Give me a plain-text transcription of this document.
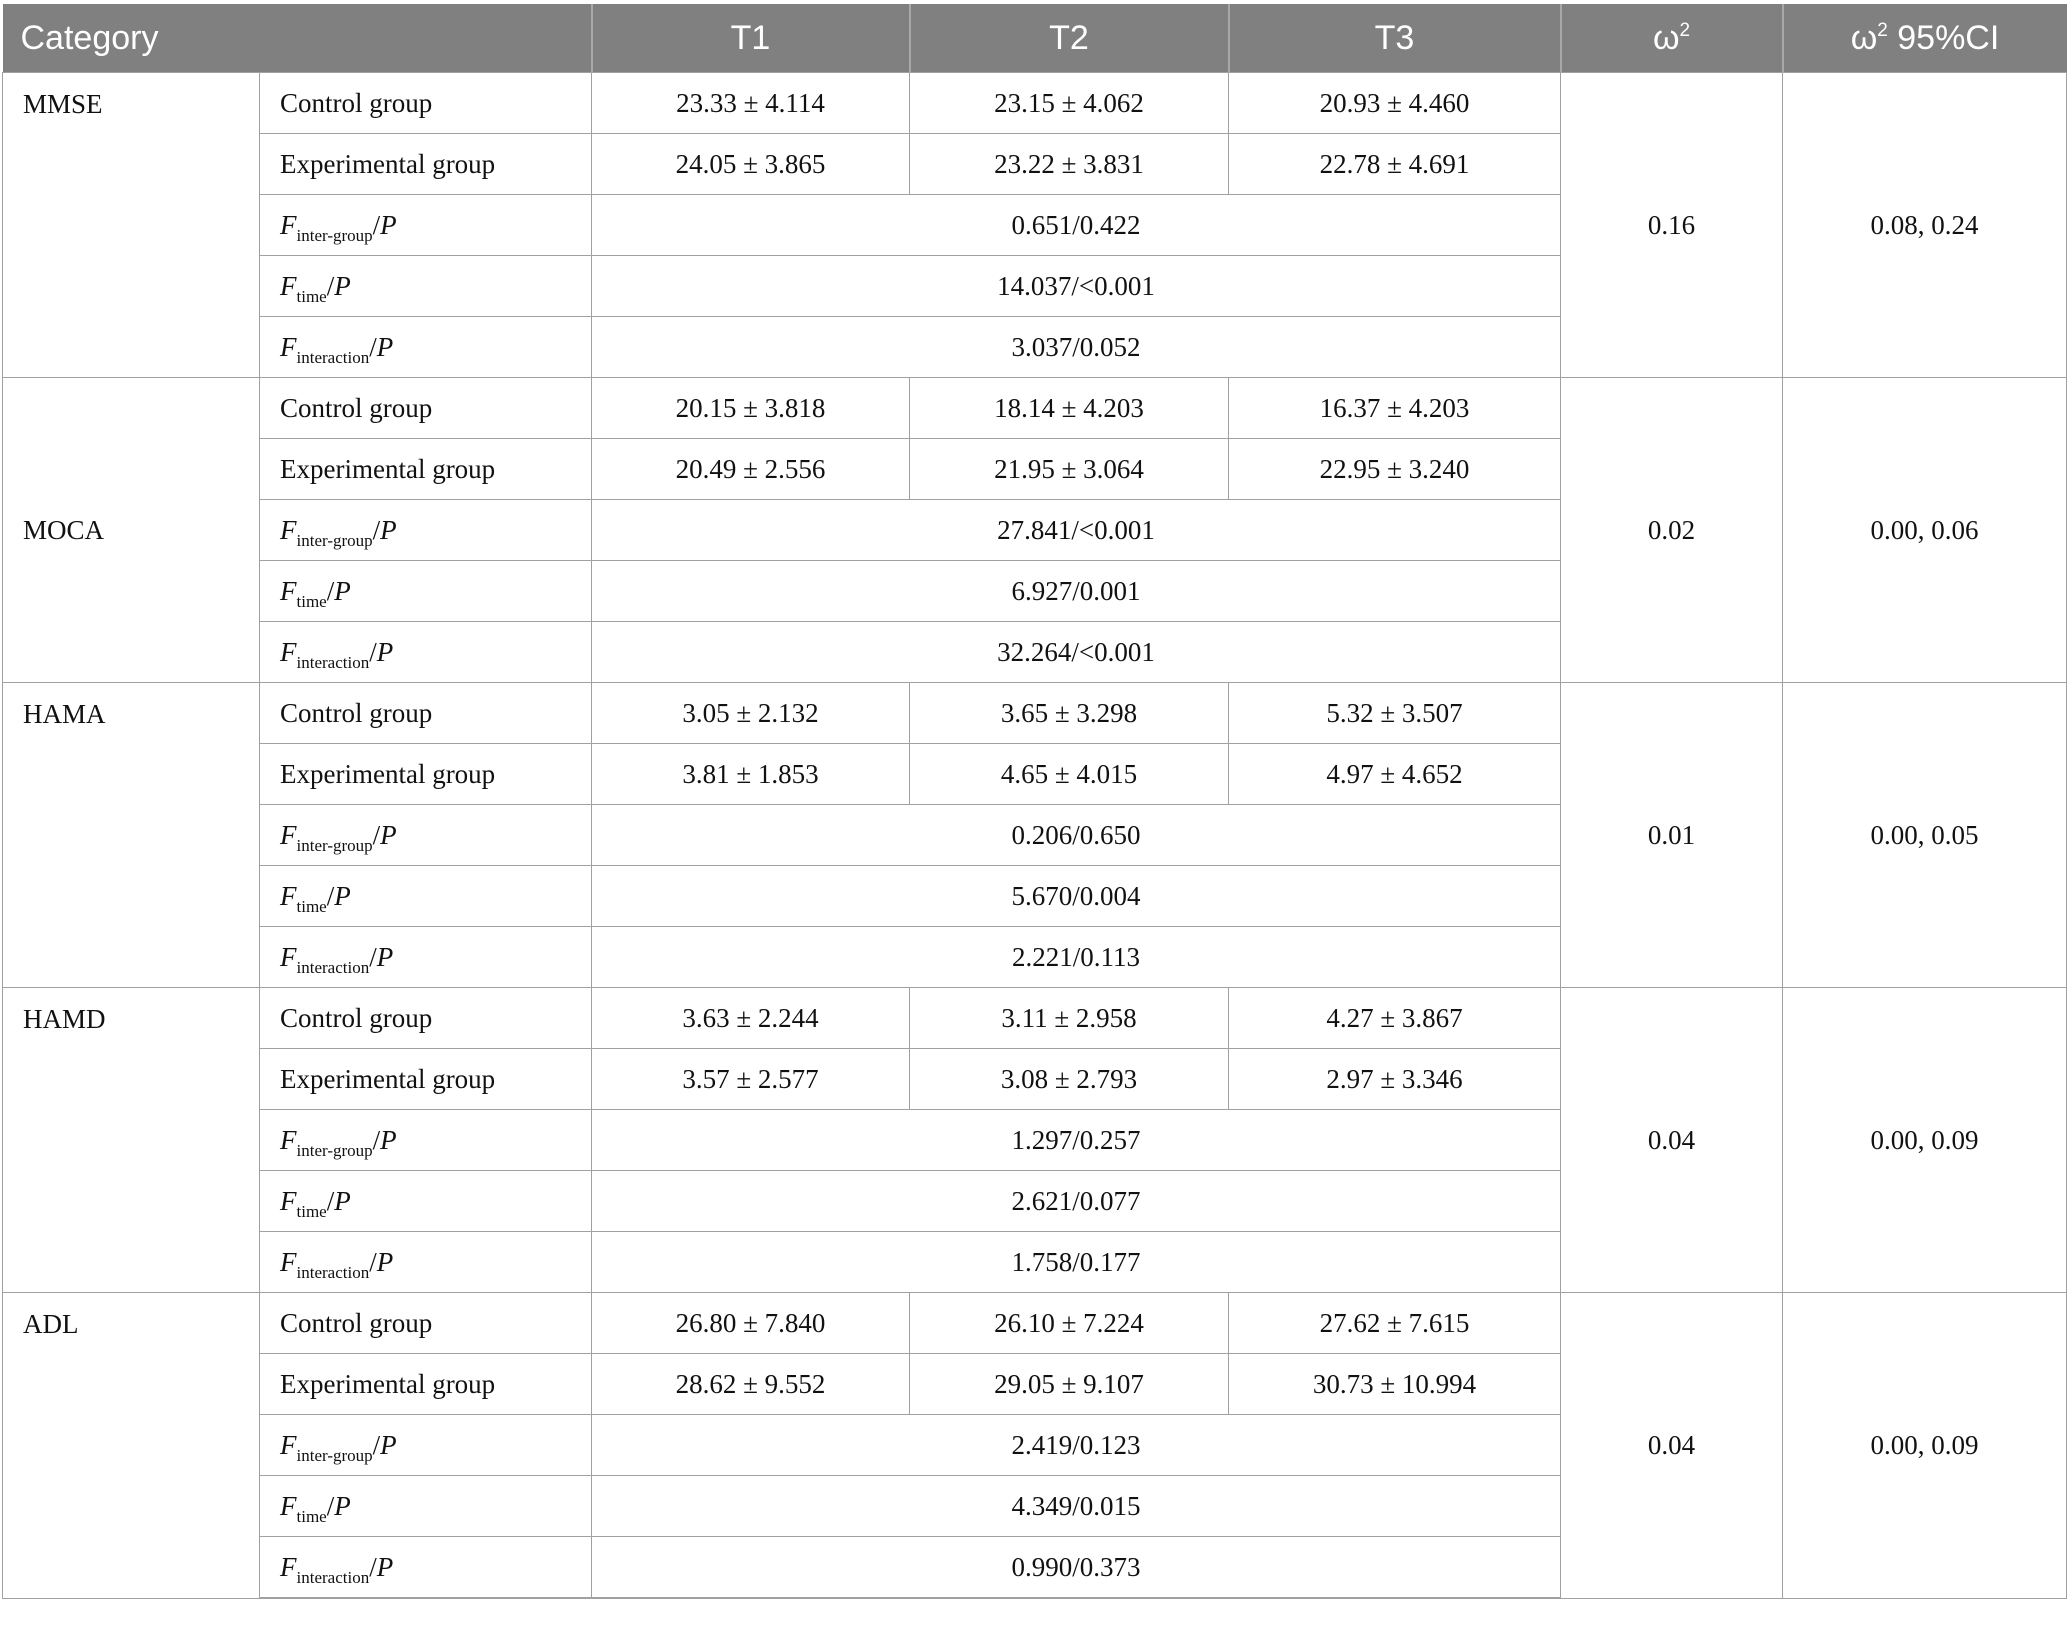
Category		T1	T2	T3	$\omega^2$	$\omega^2$ 95%CI
MMSE	Control group	23.33 ± 4.114	23.15 ± 4.062	20.93 ± 4.460	0.16	0.08, 0.24
	Experimental group	24.05 ± 3.865	23.22 ± 3.831	22.78 ± 4.691		
	$F_{inter-group}/P$	0.651/0.422				
	$F_{time}/P$	14.037/<0.001				
	$F_{interaction}/P$	3.037/0.052				
MOCA	Control group	20.15 ± 3.818	18.14 ± 4.203	16.37 ± 4.203	0.02	0.00, 0.06
	Experimental group	20.49 ± 2.556	21.95 ± 3.064	22.95 ± 3.240		
	$F_{inter-group}/P$	27.841/<0.001				
	$F_{time}/P$	6.927/0.001				
	$F_{interaction}/P$	32.264/<0.001				
HAMA	Control group	3.05 ± 2.132	3.65 ± 3.298	5.32 ± 3.507	0.01	0.00, 0.05
	Experimental group	3.81 ± 1.853	4.65 ± 4.015	4.97 ± 4.652		
	$F_{inter-group}/P$	0.206/0.650				
	$F_{time}/P$	5.670/0.004				
	$F_{interaction}/P$	2.221/0.113				
HAMD	Control group	3.63 ± 2.244	3.11 ± 2.958	4.27 ± 3.867	0.04	0.00, 0.09
	Experimental group	3.57 ± 2.577	3.08 ± 2.793	2.97 ± 3.346		
	$F_{inter-group}/P$	1.297/0.257				
	$F_{time}/P$	2.621/0.077				
	$F_{interaction}/P$	1.758/0.177				
ADL	Control group	26.80 ± 7.840	26.10 ± 7.224	27.62 ± 7.615	0.04	0.00, 0.09
	Experimental group	28.62 ± 9.552	29.05 ± 9.107	30.73 ± 10.994		
	$F_{inter-group}/P$	2.419/0.123				
	$F_{time}/P$	4.349/0.015				
	$F_{interaction}/P$	0.990/0.373				
